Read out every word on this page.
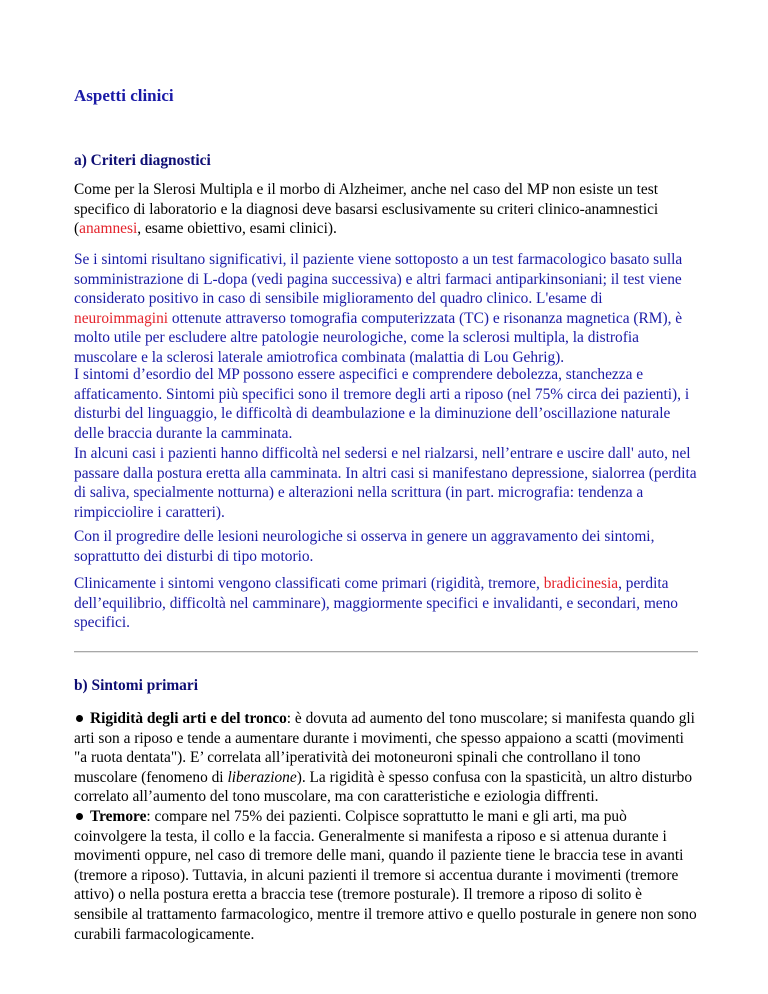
Aspetti clinici
a) Criteri diagnostici

Come per la Slerosi Multipla e il morbo di Alzheimer, anche nel caso del MP non esiste un test specifico di laboratorio e la diagnosi deve basarsi esclusivamente su criteri clinico-anamnestici (anamnesi, esame obiettivo, esami clinici).

Se i sintomi risultano significativi, il paziente viene sottoposto a un test farmacologico basato sulla somministrazione di L-dopa (vedi pagina successiva) e altri farmaci antiparkinsoniani; il test viene considerato positivo in caso di sensibile miglioramento del quadro clinico. L'esame di neuroimmagini ottenute attraverso tomografia computerizzata (TC) e risonanza magnetica (RM), è molto utile per escludere altre patologie neurologiche, come la sclerosi multipla, la distrofia muscolare e la sclerosi laterale amiotrofica combinata (malattia di Lou Gehrig).

I sintomi d’esordio del MP possono essere aspecifici e comprendere debolezza, stanchezza e affaticamento. Sintomi più specifici sono il tremore degli arti a riposo (nel 75% circa dei pazienti), i disturbi del linguaggio, le difficoltà di deambulazione e la diminuzione dell’oscillazione naturale delle braccia durante la camminata.

In alcuni casi i pazienti hanno difficoltà nel sedersi e nel rialzarsi, nell’entrare e uscire dall' auto, nel passare dalla postura eretta alla camminata. In altri casi si manifestano depressione, sialorrea (perdita di saliva, specialmente notturna) e alterazioni nella scrittura (in part. micrografia: tendenza a rimpicciolire i caratteri).

Con il progredire delle lesioni neurologiche si osserva in genere un aggravamento dei sintomi, soprattutto dei disturbi di tipo motorio.

Clinicamente i sintomi vengono classificati come primari (rigidità, tremore, bradicinesia, perdita dell’equilibrio, difficoltà nel camminare), maggiormente specifici e invalidanti, e secondari, meno specifici.

b) Sintomi primari

Rigidità degli arti e del tronco: è dovuta ad aumento del tono muscolare; si manifesta quando gli arti son a riposo e tende a aumentare durante i movimenti, che spesso appaiono a scatti (movimenti "a ruota dentata"). E’ correlata all’iperatività dei motoneuroni spinali che controllano il tono muscolare (fenomeno di liberazione). La rigidità è spesso confusa con la spasticità, un altro disturbo correlato all’aumento del tono muscolare, ma con caratteristiche e eziologia diffrenti.
Tremore: compare nel 75% dei pazienti. Colpisce soprattutto le mani e gli arti, ma può coinvolgere la testa, il collo e la faccia. Generalmente si manifesta a riposo e si attenua durante i movimenti oppure, nel caso di tremore delle mani, quando il paziente tiene le braccia tese in avanti (tremore a riposo). Tuttavia, in alcuni pazienti il tremore si accentua durante i movimenti (tremore attivo) o nella postura eretta a braccia tese (tremore posturale). Il tremore a riposo di solito è sensibile al trattamento farmacologico, mentre il tremore attivo e quello posturale in genere non sono curabili farmacologicamente.
